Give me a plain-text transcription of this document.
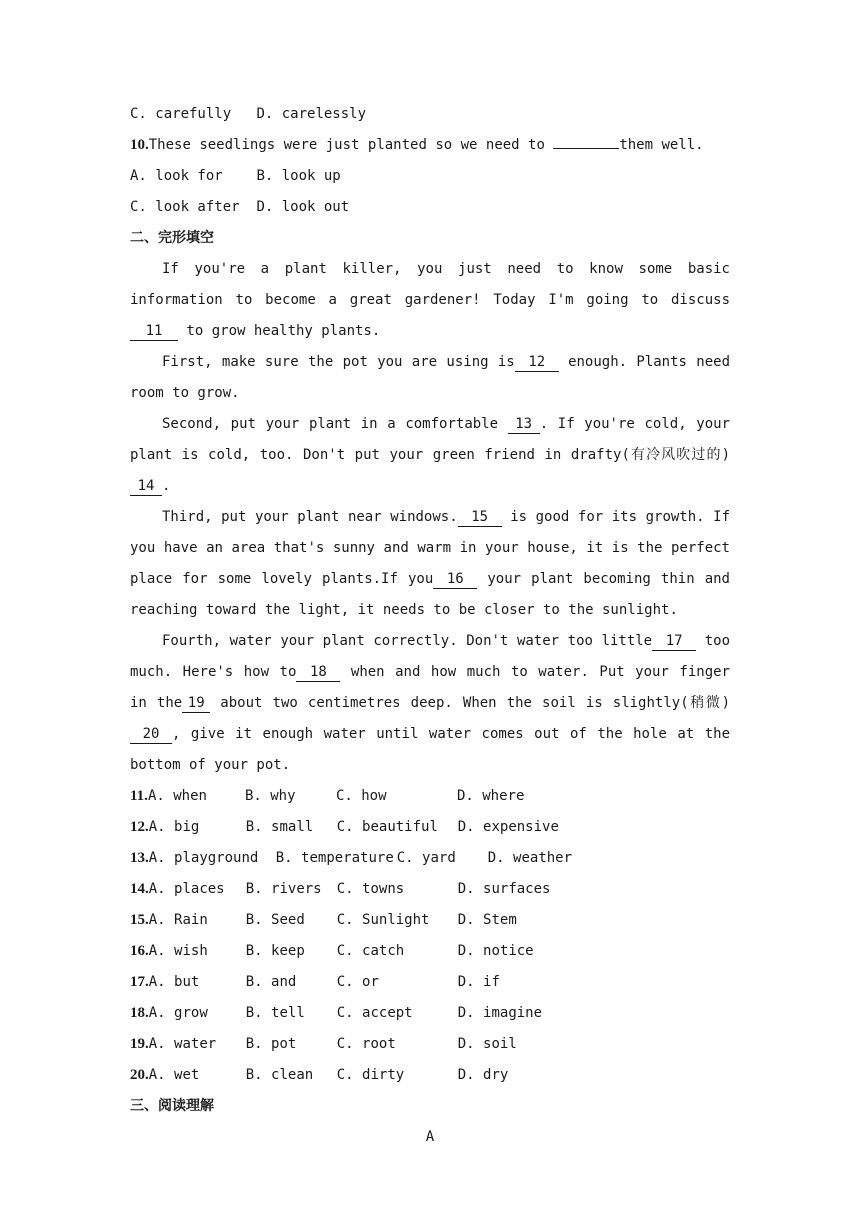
C. carefully D. carelessly
10.These seedlings were just planted so we need to	them well.
A. look for B. look up
C. look after D. look out
二、完形填空

If you're a plant killer, you just need to know some basic information to become a great gardener! Today I'm going to discuss11 to grow healthy plants.

First, make sure the pot you are using is 12 enough. Plants need room to grow.

Second, put your plant in a comfortable 13 . If you're cold, your plant is cold, too. Don't put your green friend in drafty(有冷风吹过的) 14 .

Third, put your plant near windows. 15 is good for its growth. If you have an area that's sunny and warm in your house, it is the perfect place for some lovely plants.If you 16 your plant becoming thin and reaching toward the light, it needs to be closer to the sunlight.

Fourth, water your plant correctly. Don't water too little 17 too much. Here's how to 18 when and how much to water. Put your finger in the 19 about two centimetres deep. When the soil is slightly(稍微) 20 , give it enough water until water comes out of the hole at the bottom of your pot.

11.A. when	B. why	C. how	D. where
12.A. big	B. small C. beautiful D. expensive
13.A. playground B. temperature C. yard D. weather
14.A. places B. rivers C. towns	D. surfaces
15.A. Rain	B. Seed C. Sunlight D. Stem
16.A. wish	B. keep C. catch	D. notice
17.A. but	B. and	C. or	D. if
18.A. grow	B. tell C. accept	D. imagine
19.A. water B. pot	C. root	D. soil
20.A. wet	B. clean C. dirty	D. dry
三、阅读理解
A
